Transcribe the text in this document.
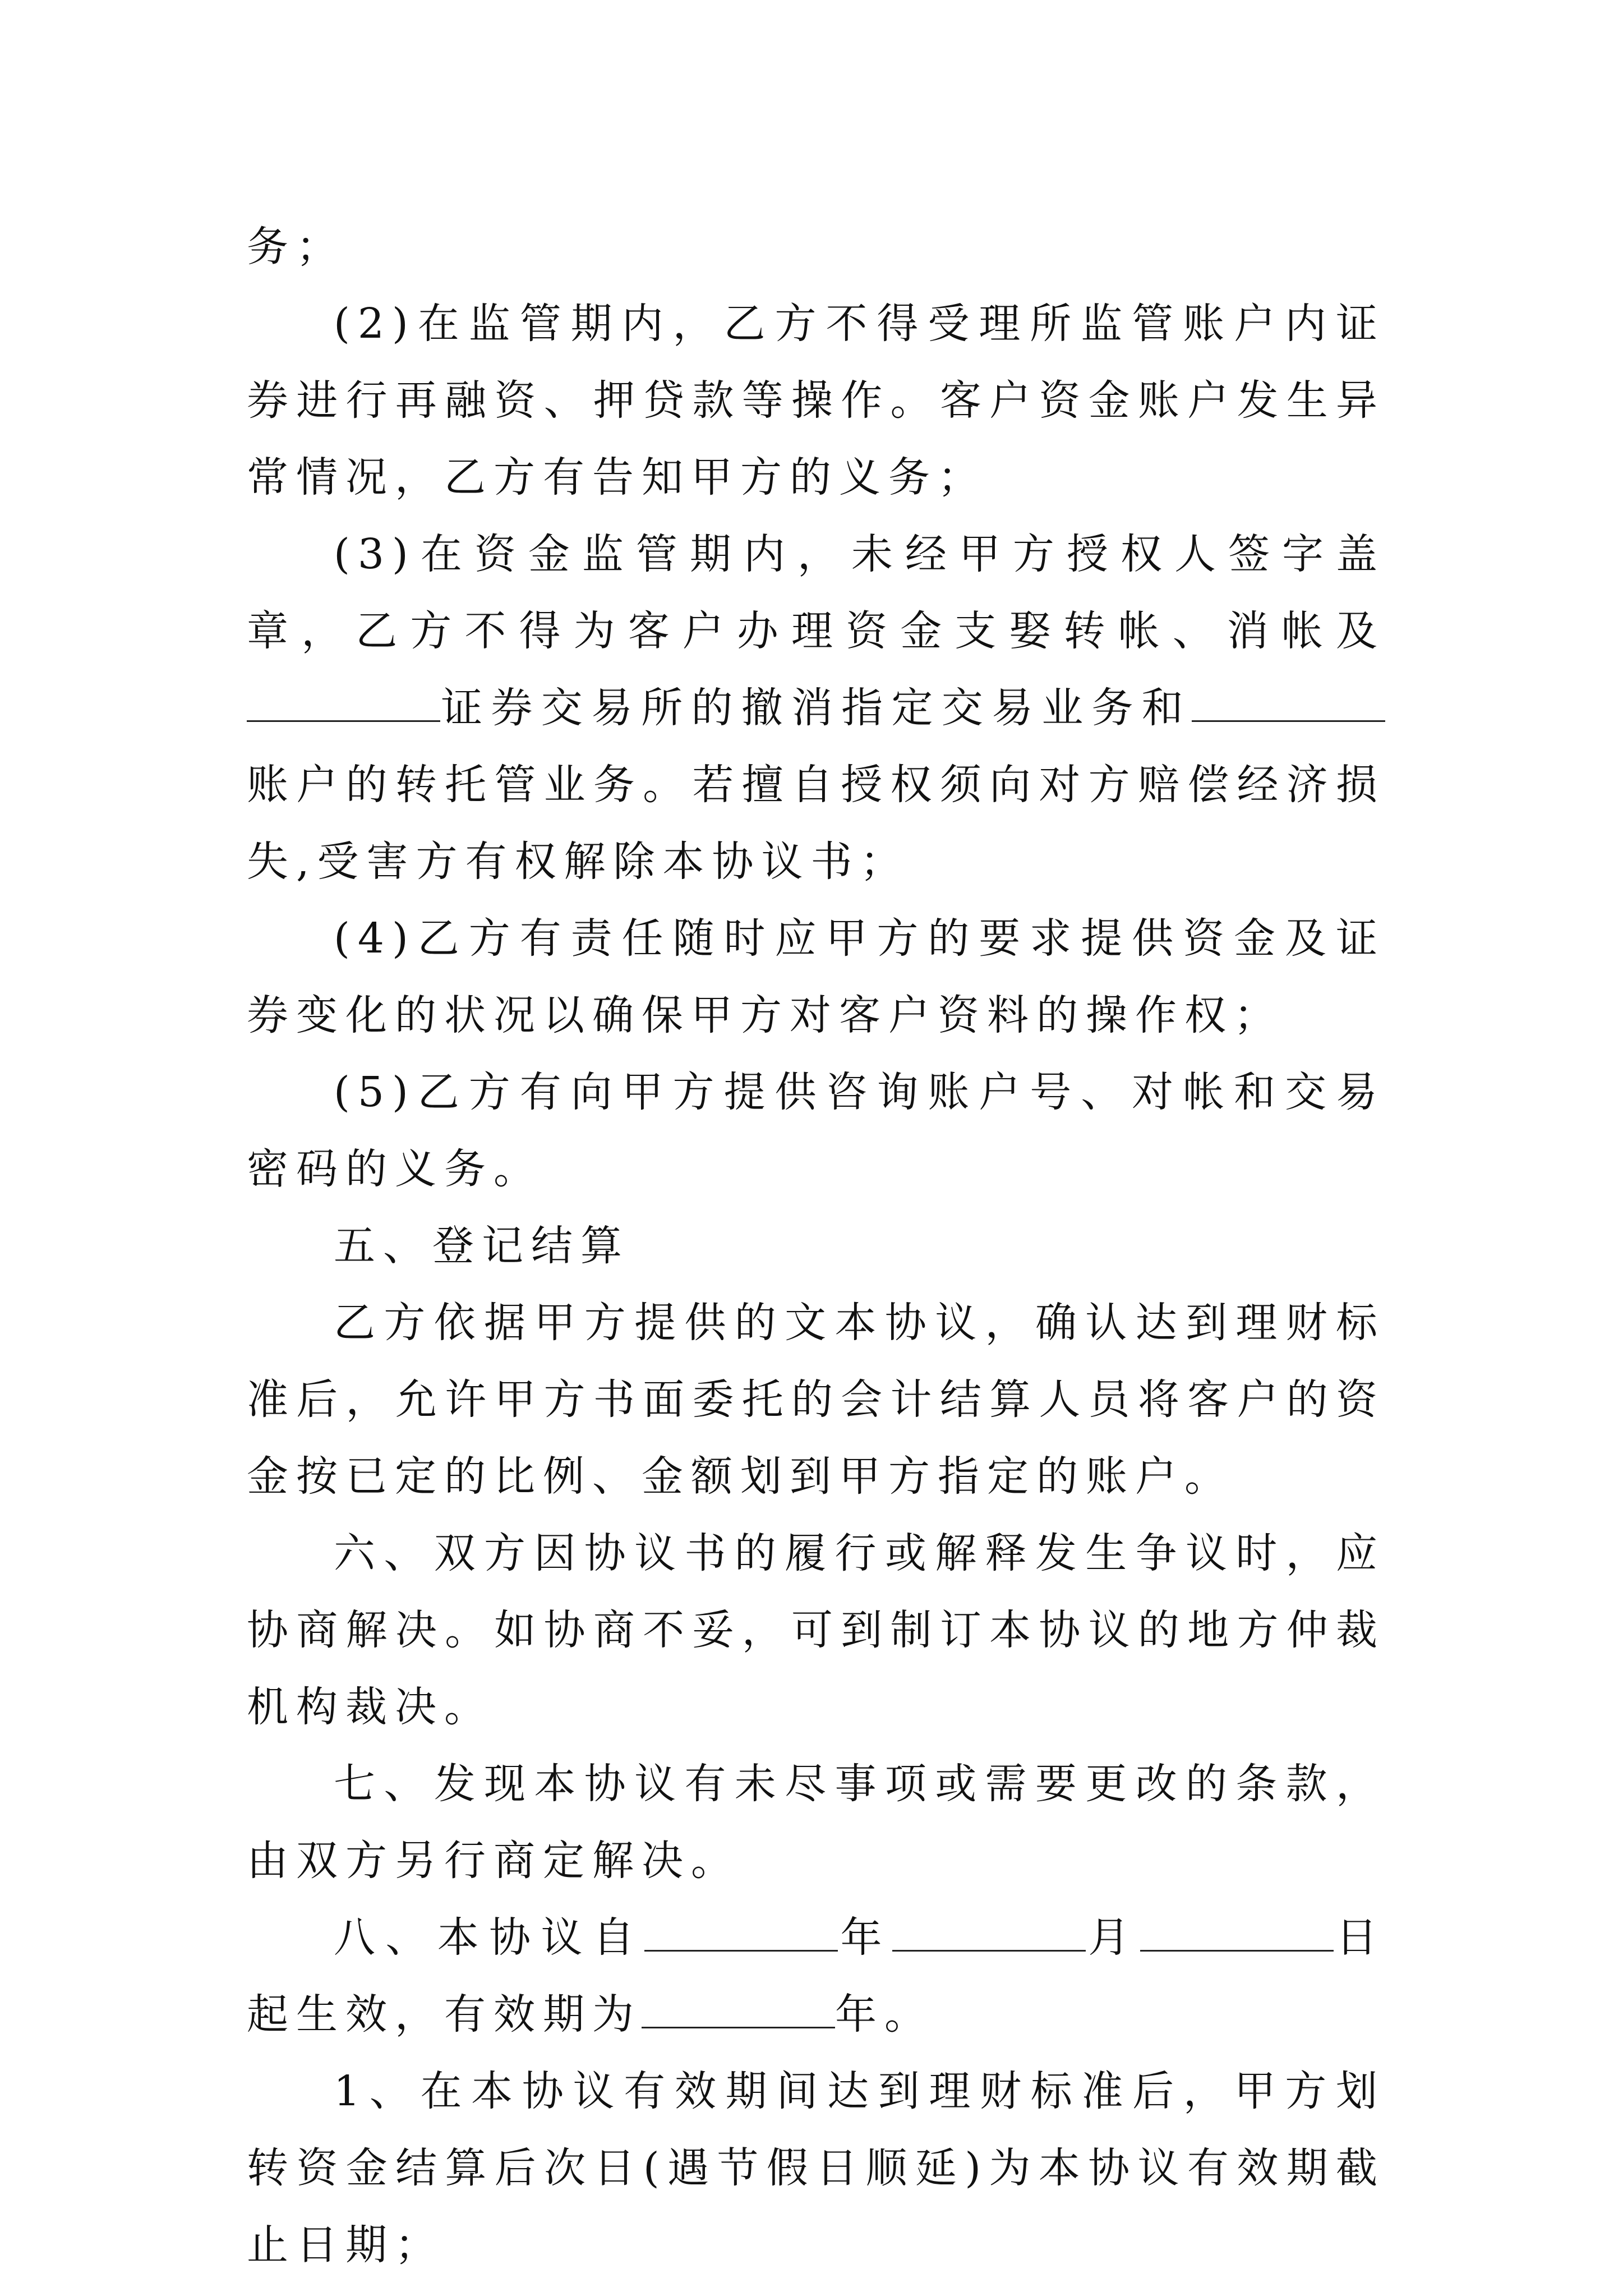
务；

(2)在监管期内，乙方不得受理所监管账户内证券进行再融资、押贷款等操作。客户资金账户发生异常情况，乙方有告知甲方的义务；

(3)在资金监管期内，未经甲方授权人签字盖章，乙方不得为客户办理资金支娶转帐、消帐及证券交易所的撤消指定交易业务和账户的转托管业务。若擅自授权须向对方赔偿经济损失,受害方有权解除本协议书；

(4)乙方有责任随时应甲方的要求提供资金及证券变化的状况以确保甲方对客户资料的操作权；

(5)乙方有向甲方提供咨询账户号、对帐和交易密码的义务。

五、登记结算

乙方依据甲方提供的文本协议，确认达到理财标准后，允许甲方书面委托的会计结算人员将客户的资金按已定的比例、金额划到甲方指定的账户。

六、双方因协议书的履行或解释发生争议时，应协商解决。如协商不妥，可到制订本协议的地方仲裁机构裁决。

七、发现本协议有未尽事项或需要更改的条款，由双方另行商定解决。

八、本协议自	年	月	日起生效，有效期为	年。

1、在本协议有效期间达到理财标准后，甲方划转资金结算后次日(遇节假日顺延)为本协议有效期截止日期；
